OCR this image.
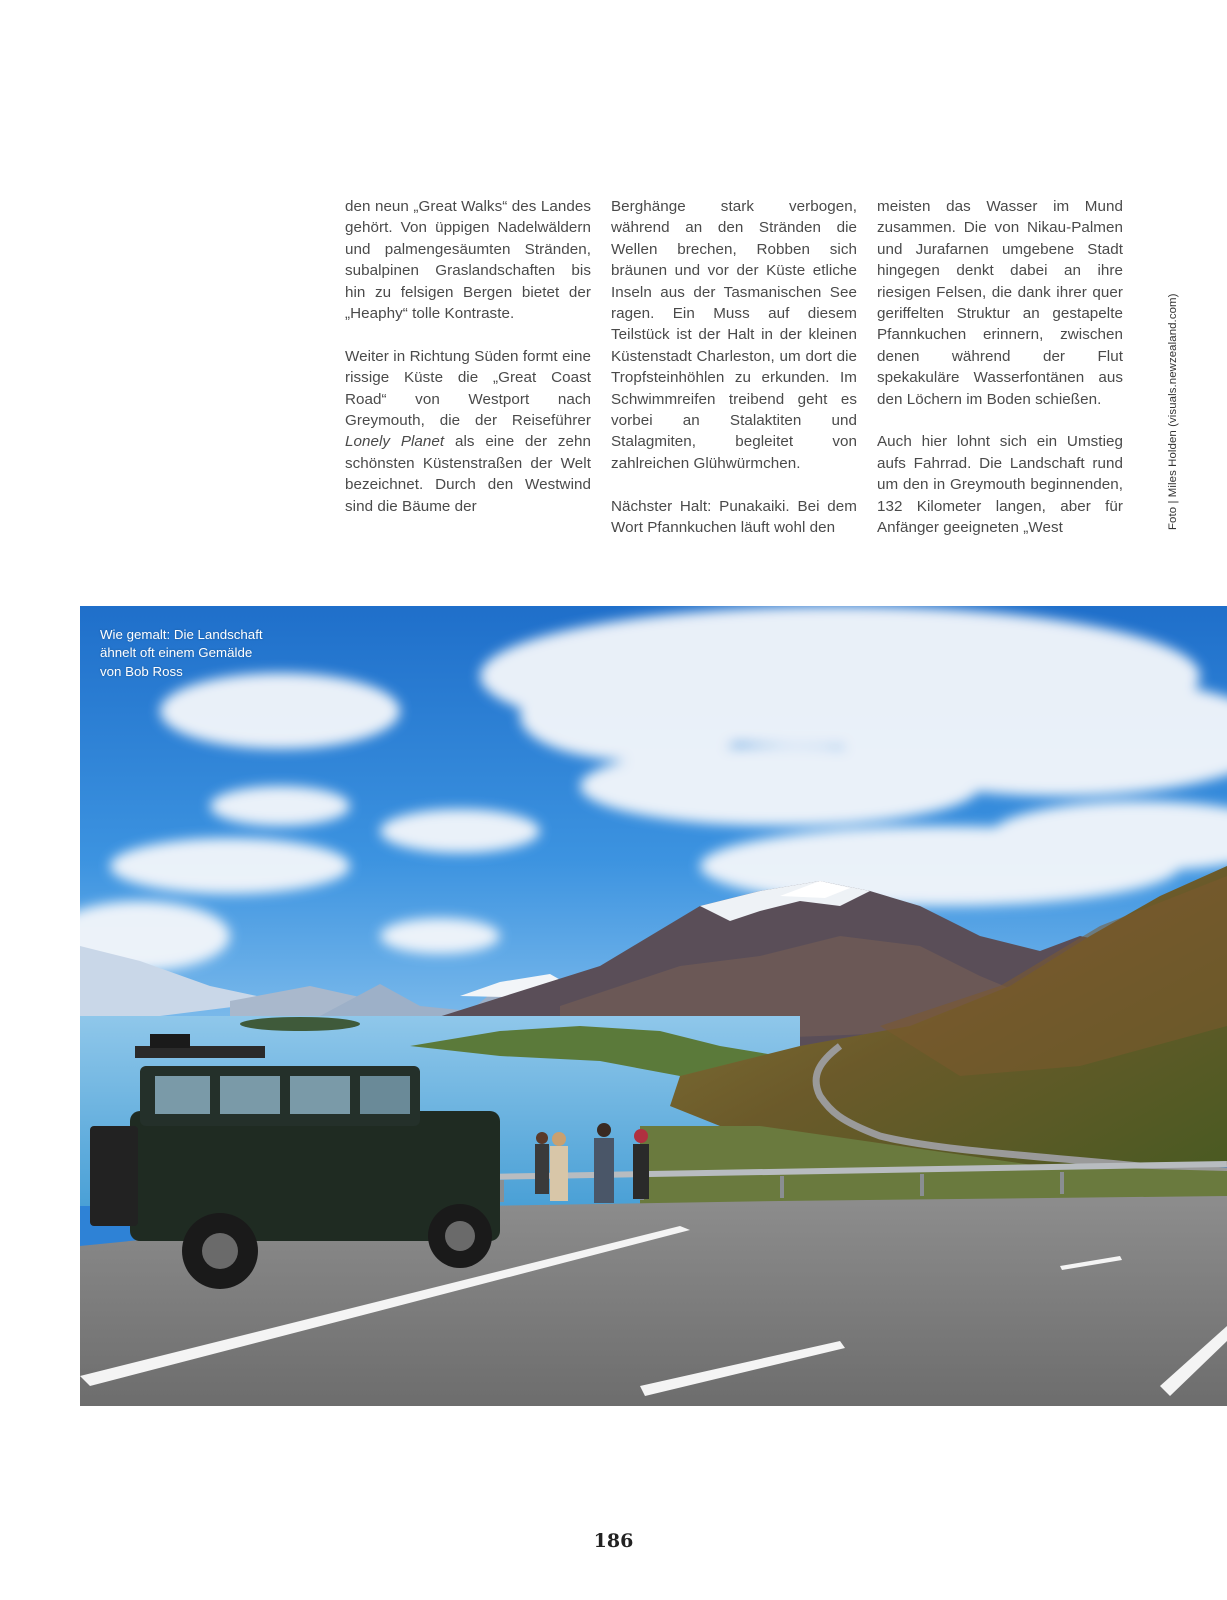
den neun „Great Walks“ des Landes gehört. Von üppigen Nadelwäldern und palmengesäumten Stränden, subalpinen Graslandschaften bis hin zu felsigen Bergen bietet der „Heaphy“ tolle Kontraste.

Weiter in Richtung Süden formt eine rissige Küste die „Great Coast Road“ von Westport nach Greymouth, die der Reiseführer Lonely Planet als eine der zehn schönsten Küstenstraßen der Welt bezeichnet. Durch den Westwind sind die Bäume der

Berghänge stark verbogen, während an den Stränden die Wellen brechen, Robben sich bräunen und vor der Küste etliche Inseln aus der Tasmanischen See ragen. Ein Muss auf diesem Teilstück ist der Halt in der kleinen Küstenstadt Charleston, um dort die Tropfsteinhöhlen zu erkunden. Im Schwimmreifen treibend geht es vorbei an Stalaktiten und Stalagmiten, begleitet von zahlreichen Glühwürmchen.

Nächster Halt: Punakaiki. Bei dem Wort Pfannkuchen läuft wohl den

meisten das Wasser im Mund zusammen. Die von Nikau-Palmen und Jurafarnen umgebene Stadt hingegen denkt dabei an ihre riesigen Felsen, die dank ihrer quer geriffelten Struktur an gestapelte Pfannkuchen erinnern, zwischen denen während der Flut spekakuläre Wasserfontänen aus den Löchern im Boden schießen.

Auch hier lohnt sich ein Umstieg aufs Fahrrad. Die Landschaft rund um den in Greymouth beginnenden, 132 Kilometer langen, aber für Anfänger geeigneten „West	Foto | Miles Holden (visuals.newzealand.com)
Wie gemalt: Die Landschaft
ähnelt oft einem Gemälde
von Bob Ross
186
